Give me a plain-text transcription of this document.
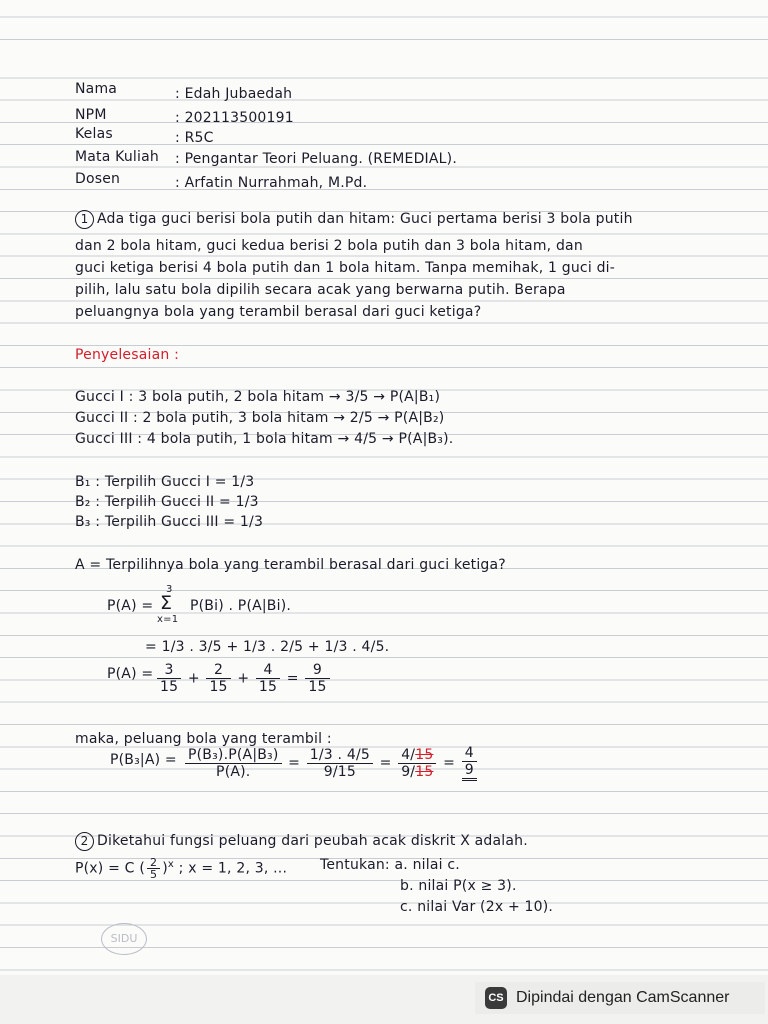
Nama	: Edah Jubaedah
NPM	: 202113500191
Kelas	: R5C
Mata Kuliah : Pengantar Teori Peluang. (REMEDIAL).
Dosen	: Arfatin Nurrahmah, M.Pd.
1 Ada tiga guci berisi bola putih dan hitam: Guci pertama berisi 3 bola putih
dan 2 bola hitam, guci kedua berisi 2 bola putih dan 3 bola hitam, dan
guci ketiga berisi 4 bola putih dan 1 bola hitam. Tanpa memihak, 1 guci di-
pilih, lalu satu bola dipilih secara acak yang berwarna putih. Berapa
peluangnya bola yang terambil berasal dari guci ketiga?
Penyelesaian :
Gucci I : 3 bola putih, 2 bola hitam → 3/5 → P(A|B₁)
Gucci II : 2 bola putih, 3 bola hitam → 2/5 → P(A|B₂)
Gucci III : 4 bola putih, 1 bola hitam → 4/5 → P(A|B₃).
B₁ : Terpilih Gucci I = 1/3
B₂ : Terpilih Gucci II = 1/3
B₃ : Terpilih Gucci III = 1/3
A = Terpilihnya bola yang terambil berasal dari guci ketiga?
P(A) =
3
Σ
x=1
P(Bi) . P(A|Bi).
= 1/3 . 3/5 + 1/3 . 2/5 + 1/3 . 4/5.
$P(A) = \frac{3}{15} + \frac{2}{15} + \frac{4}{15} = \frac{9}{15}$
maka, peluang bola yang terambil :
$P(B_3|A) = \frac{\text{P(B₃).P(A|B₃)}}{P(A).} = \frac{1/3 . 4/5}{9/15} = \frac{4/15}{9/15} = \frac{4}{9}$
2 Diketahui fungsi peluang dari peubah acak diskrit X adalah.
P(x) = C ( $\frac{2}{5} )^x$ ; x = 1, 2, 3, ... Tentukan: a. nilai c.
b. nilai P(x ≥ 3).
c. nilai Var (2x + 10).
SIDU
CS Dipindai dengan CamScanner
